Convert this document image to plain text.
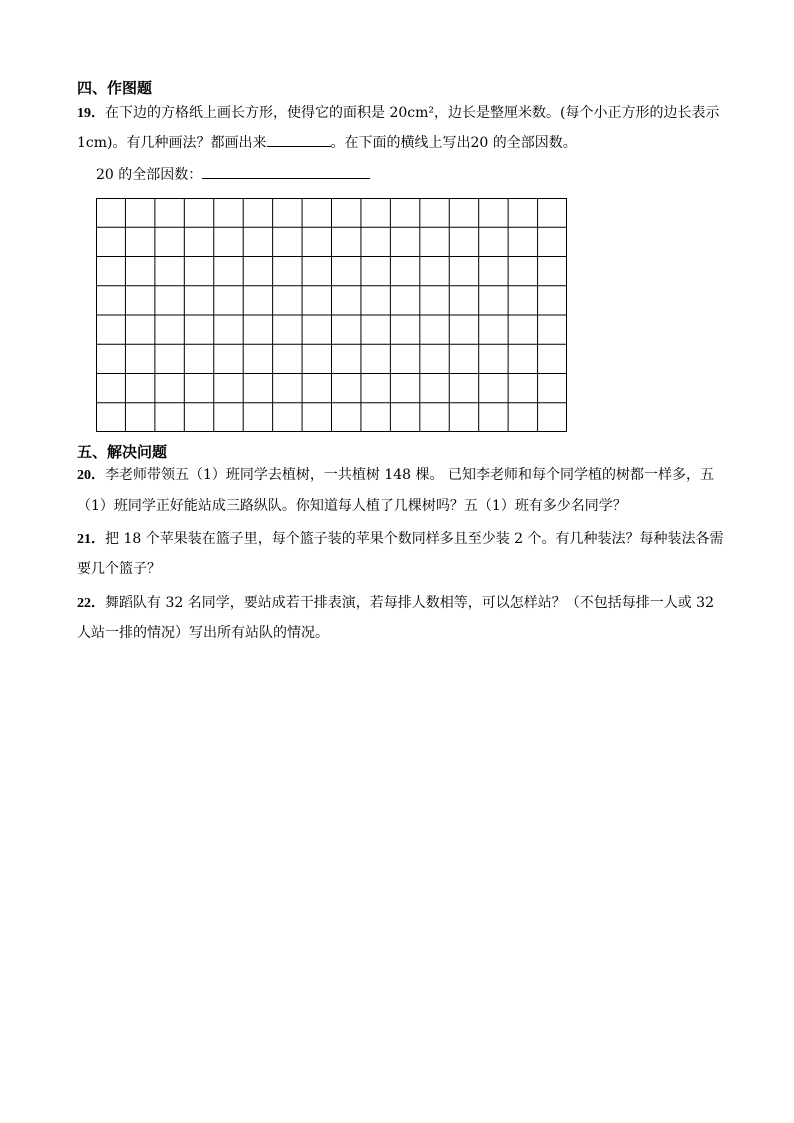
四、作图题
19．在下边的方格纸上画长方形，使得它的面积是 20cm²，边长是整厘米数。(每个小正方形的边长表示
1cm)。有几种画法？都画出来	。在下面的横线上写出20 的全部因数。
20 的全部因数：
五、解决问题
20．李老师带领五（1）班同学去植树，一共植树 148 棵。 已知李老师和每个同学植的树都一样多，五
（1）班同学正好能站成三路纵队。你知道每人植了几棵树吗？五（1）班有多少名同学？
21．把 18 个苹果装在篮子里，每个篮子装的苹果个数同样多且至少装 2 个。有几种装法？每种装法各需
要几个篮子？
22．舞蹈队有 32 名同学，要站成若干排表演，若每排人数相等，可以怎样站？（不包括每排一人或 32
人站一排的情况）写出所有站队的情况。
